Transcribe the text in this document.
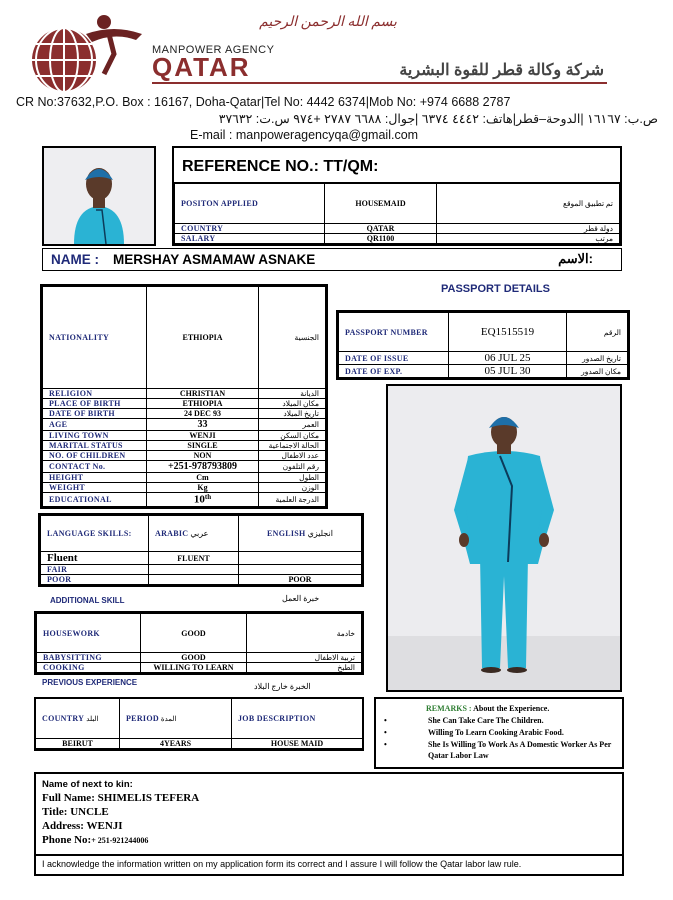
بسم الله الرحمن الرحيم
MANPOWER AGENCY
QATAR	شركة وكالة قطر للقوة البشرية
CR No:37632,P.O. Box : 16167, Doha-Qatar|Tel No: 4442 6374|Mob No: +974 6688 2787
ص.ب: ١٦١٦٧ |الدوحة–قطر|هاتف: ٤٤٤٢ ٦٣٧٤ |جوال: ٦٦٨٨ ٢٧٨٧ +٩٧٤ س.ت: ٣٧٦٣٢
E-mail : manpoweragencyqa@gmail.com
REFERENCE NO.: TT/QM:
POSITON APPLIED	HOUSEMAID	تم تطبيق الموقع
COUNTRY	QATAR	دولة قطر
SALARY	QR1100	مرتب
NAME : MERSHAY ASMAMAW ASNAKE	الاسم:
NATIONALITY	ETHIOPIA	الجنسية
RELIGION	CHRISTIAN	الديانة
PLACE OF BIRTH	ETHIOPIA	مكان الميلاد
DATE OF BIRTH	24 DEC 93	تاريخ الميلاد
AGE	33	العمر
LIVING TOWN	WENJI	مكان السكن
MARITAL STATUS	SINGLE	الحالة الاجتماعية
NO. OF CHILDREN	NON	عدد الاطفال
CONTACT No.	+251-978793809	رقم التلفون
HEIGHT	Cm	الطول
WEIGHT	Kg	الوزن
EDUCATIONAL	10th	الدرجة العلمية
PASSPORT DETAILS
PASSPORT NUMBER	EQ1515519	الرقم
DATE OF ISSUE	06 JUL 25	تاريخ الصدور
DATE OF EXP.	05 JUL 30	مكان الصدور
LANGUAGE SKILLS:	ARABIC عربي	ENGLISH انجليزي
Fluent	FLUENT	
FAIR		
POOR		POOR
ADDITIONAL SKILL	خبرة العمل
HOUSEWORK	GOOD	خادمة
BABYSITTING	GOOD	تربية الاطفال
COOKING	WILLING TO LEARN	الطبخ
PREVIOUS EXPERIENCE	الخبرة خارج البلاد
COUNTRY البلد	PERIOD المدة	JOB DESCRIPTION
BEIRUT	4YEARS	HOUSE MAID

REMARKS : About the Experience.
•	She Can Take Care The Children.
•	Willing To Learn Cooking Arabic Food.
•	She Is Willing To Work As A Domestic Worker As Per Qatar Labor Law
Name of next to kin:
Full Name: SHIMELIS TEFERA
Title: UNCLE
Address: WENJI
Phone No:+ 251-921244006
I acknowledge the information written on my application form its correct and I assure I will follow the Qatar labor law rule.
